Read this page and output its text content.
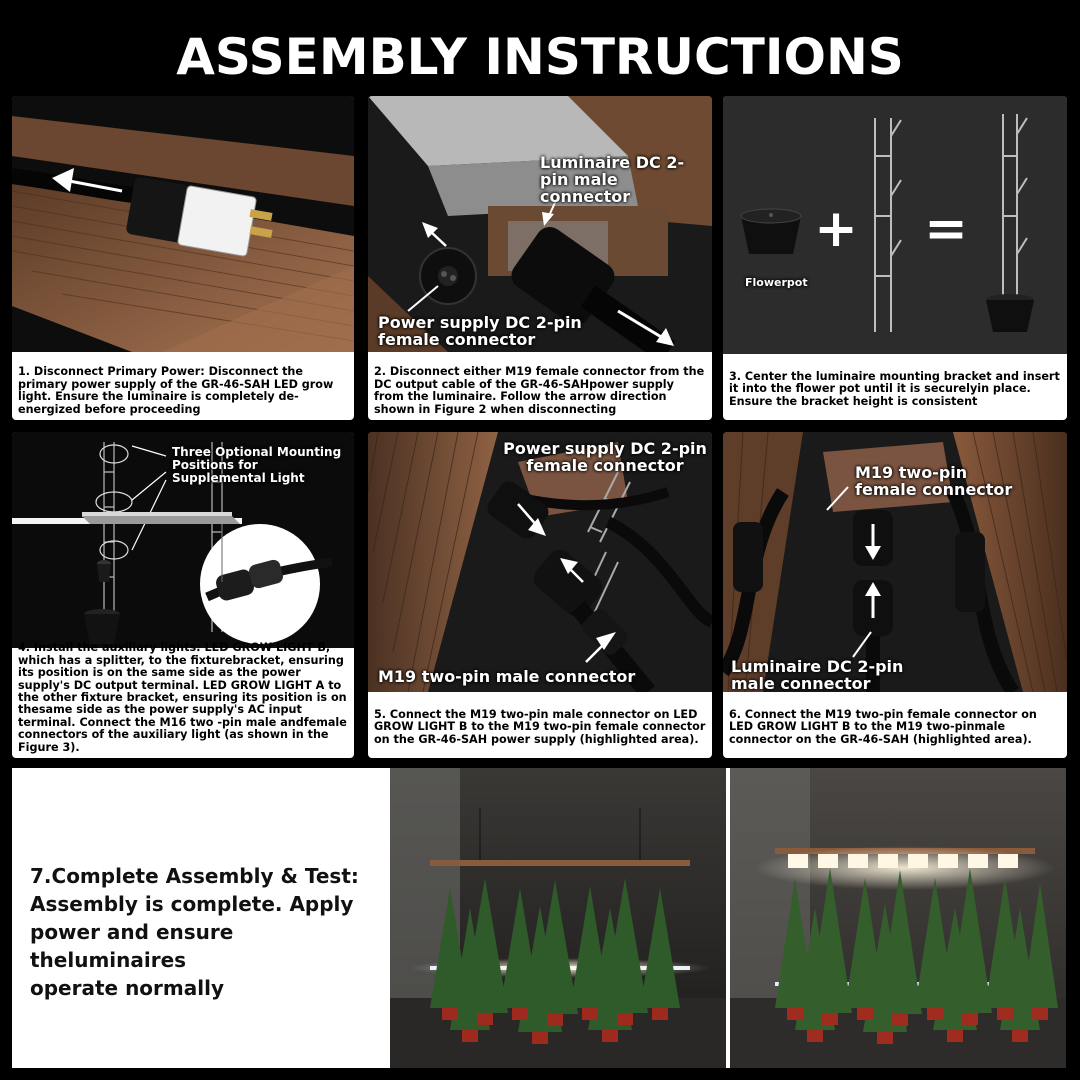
ASSEMBLY INSTRUCTIONS
1. Disconnect Primary Power: Disconnect the primary power supply of the GR-46-SAH LED grow light. Ensure the luminaire is completely de-energized before proceeding
Luminaire DC 2-pin male connector
Power supply DC 2-pin female connector
2. Disconnect either M19 female connector from the DC output cable of the GR-46-SAHpower supply from the luminaire. Follow the arrow direction shown in Figure 2 when disconnecting
+ =
Flowerpot
3. Center the luminaire mounting bracket and insert it into the flower pot until it is securelyin place. Ensure the bracket height is consistent
Three Optional Mounting Positions for Supplemental Light
4. Install the auxiliary lights: LED GROW LIGHT B, which has a splitter, to the fixturebracket, ensuring its position is on the same side as the power supply's DC output terminal. LED GROW LIGHT A to the other fixture bracket, ensuring its position is on thesame side as the power supply's AC input terminal. Connect the M16 two -pin male andfemale connectors of the auxiliary light (as shown in the Figure 3).
Power supply DC 2-pin female connector
M19 two-pin male connector
5. Connect the M19 two-pin male connector on LED GROW LIGHT B to the M19 two-pin female connector on the GR-46-SAH power supply (highlighted area).
M19 two-pin female connector
Luminaire DC 2-pin male connector
6. Connect the M19 two-pin female connector on LED GROW LIGHT B to the M19 two-pinmale connector on the GR-46-SAH (highlighted area).
7.Complete Assembly & Test:
Assembly is complete. Apply
power and ensure theluminaires
operate normally
